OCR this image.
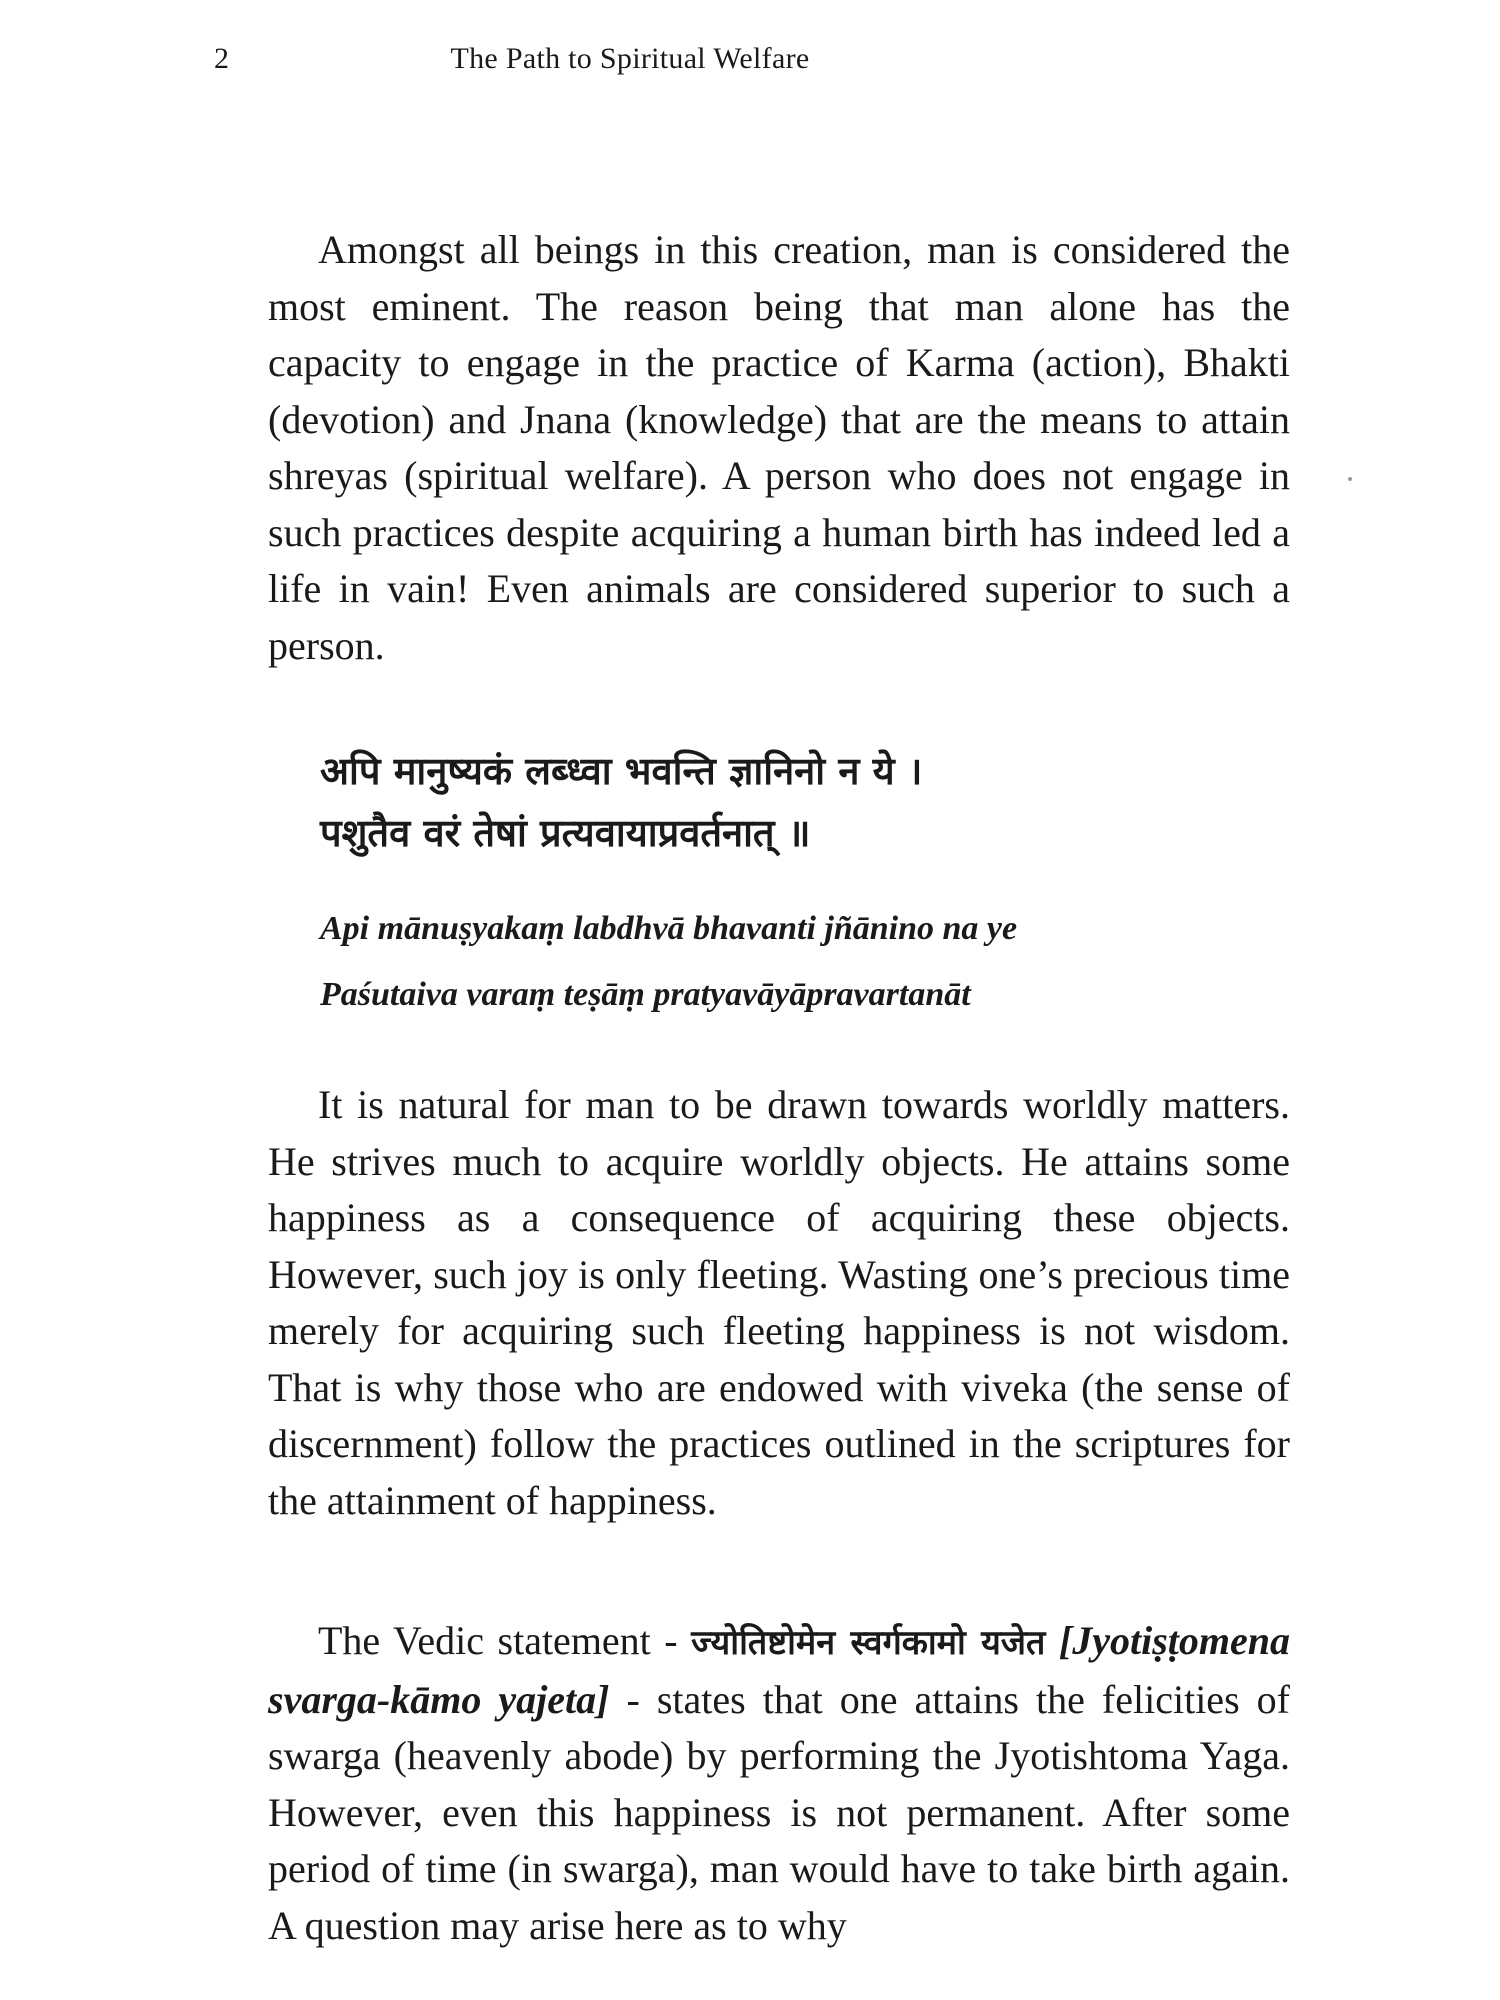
2	The Path to Spiritual Welfare

Amongst all beings in this creation, man is considered the most eminent. The reason being that man alone has the capacity to engage in the practice of Karma (action), Bhakti (devotion) and Jnana (knowledge) that are the means to attain shreyas (spiritual welfare). A person who does not engage in such practices despite acquiring a human birth has indeed led a life in vain! Even animals are considered superior to such a person.

अपि मानुष्यकं लब्ध्वा भवन्ति ज्ञानिनो न ये ।
पशुतैव वरं तेषां प्रत्यवायाप्रवर्तनात् ॥
Api mānuṣyakaṃ labdhvā bhavanti jñānino na ye
Paśutaiva varaṃ teṣāṃ pratyavāyāpravartanāt

It is natural for man to be drawn towards worldly matters. He strives much to acquire worldly objects. He attains some happiness as a consequence of acquiring these objects. However, such joy is only fleeting. Wasting one’s precious time merely for acquiring such fleeting happiness is not wisdom. That is why those who are endowed with viveka (the sense of discernment) follow the practices outlined in the scriptures for the attainment of happiness.

The Vedic statement - ज्योतिष्टोमेन स्वर्गकामो यजेत [Jyotiṣṭomena svarga-kāmo yajeta] - states that one attains the felicities of swarga (heavenly abode) by performing the Jyotishtoma Yaga. However, even this happiness is not permanent. After some period of time (in swarga), man would have to take birth again. A question may arise here as to why
